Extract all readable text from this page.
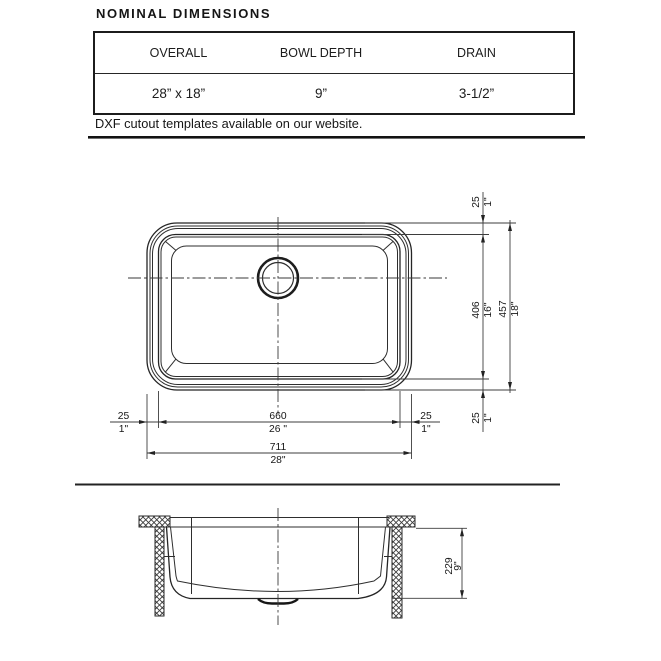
NOMINAL DIMENSIONS
OVERALL	BOWL DEPTH	DRAIN
28” x 18”	9”	3-1/2”
DXF cutout templates available on our website.
25
1"
660
26 "
25
1"
711
28"
25 1"
406 16" 457 18"
25 1"
229
9"
